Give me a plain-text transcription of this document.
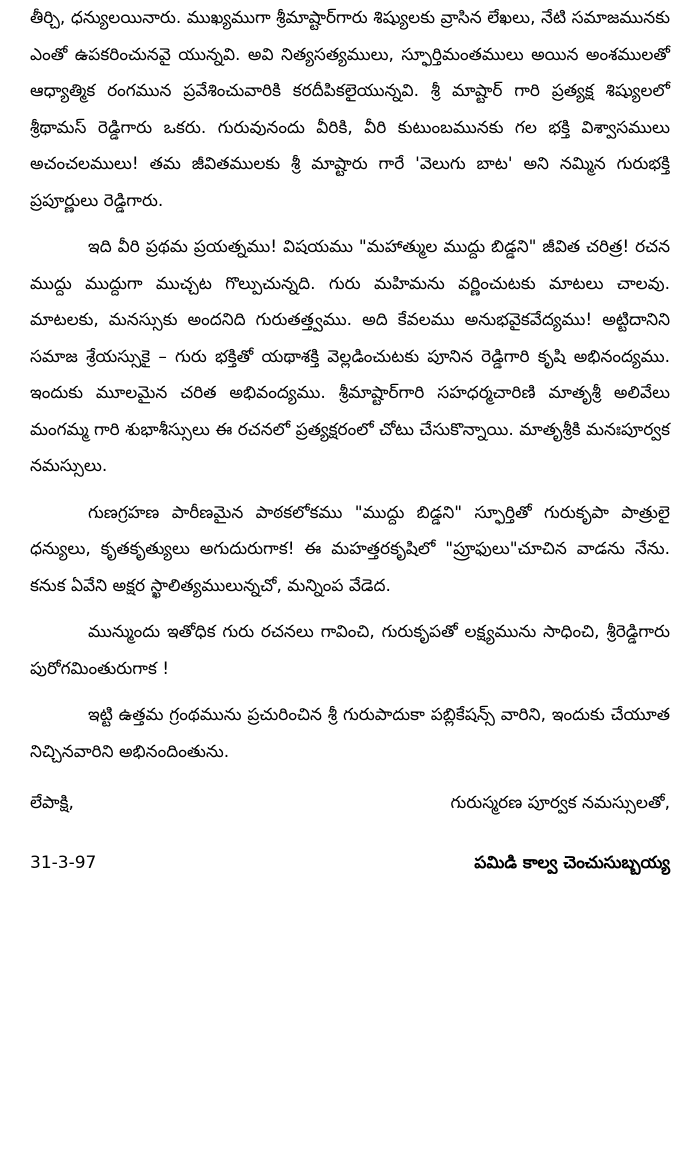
తీర్చి, ధన్యులయినారు. ముఖ్యముగా శ్రీమాష్టార్‌గారు శిష్యులకు వ్రాసిన లేఖలు, నేటి సమాజమునకు ఎంతో ఉపకరించునవై యున్నవి. అవి నిత్యసత్యములు, స్ఫూర్తిమంతములు అయిన అంశములతో ఆధ్యాత్మిక రంగమున ప్రవేశించువారికి కరదీపికలైయున్నవి. శ్రీ మాష్టార్ గారి ప్రత్యక్ష శిష్యులలో శ్రీథామస్ రెడ్డిగారు ఒకరు. గురువునందు వీరికి, వీరి కుటుంబమునకు గల భక్తి విశ్వాసములు అచంచలములు! తమ జీవితములకు శ్రీ మాష్టారు గారే 'వెలుగు బాట' అని నమ్మిన గురుభక్తి ప్రపూర్ణులు రెడ్డిగారు.

ఇది వీరి ప్రథమ ప్రయత్నము! విషయము "మహాత్ముల ముద్దు బిడ్డని" జీవిత చరిత్ర! రచన ముద్దు ముద్దుగా ముచ్చట గొల్పుచున్నది. గురు మహిమను వర్ణించుటకు మాటలు చాలవు. మాటలకు, మనస్సుకు అందనిది గురుతత్త్వము. అది కేవలము అనుభవైకవేద్యము! అట్టిదానిని సమాజ శ్రేయస్సుకై – గురు భక్తితో యథాశక్తి వెల్లడించుటకు పూనిన రెడ్డిగారి కృషి అభినంద్యము. ఇందుకు మూలమైన చరిత అభివంద్యము. శ్రీమాష్టార్‌గారి సహధర్మచారిణి మాతృశ్రీ అలివేలు మంగమ్మ గారి శుభాశీస్సులు ఈ రచనలో ప్రత్యక్షరంలో చోటు చేసుకొన్నాయి. మాతృశ్రీకి మనఃపూర్వక నమస్సులు.

గుణగ్రహణ పారీణమైన పాఠకలోకము "ముద్దు బిడ్డని" స్ఫూర్తితో గురుకృపా పాత్రులై ధన్యులు, కృతకృత్యులు అగుదురుగాక! ఈ మహత్తరకృషిలో "ప్రూఫులు"చూచిన వాడను నేను. కనుక ఏవేని అక్షర స్ఖాలిత్యములున్నచో, మన్నింప వేడెద.

మున్ముందు ఇతోధిక గురు రచనలు గావించి, గురుకృపతో లక్ష్యమును సాధించి, శ్రీరెడ్డిగారు పురోగమింతురుగాక !

ఇట్టి ఉత్తమ గ్రంథమును ప్రచురించిన శ్రీ గురుపాదుకా పబ్లికేషన్స్ వారిని, ఇందుకు చేయూత నిచ్చినవారిని అభినందింతును.

లేపాక్షి,	గురుస్మరణ పూర్వక నమస్సులతో,
31-3-97	పమిడి కాల్వ చెంచుసుబ్బయ్య
